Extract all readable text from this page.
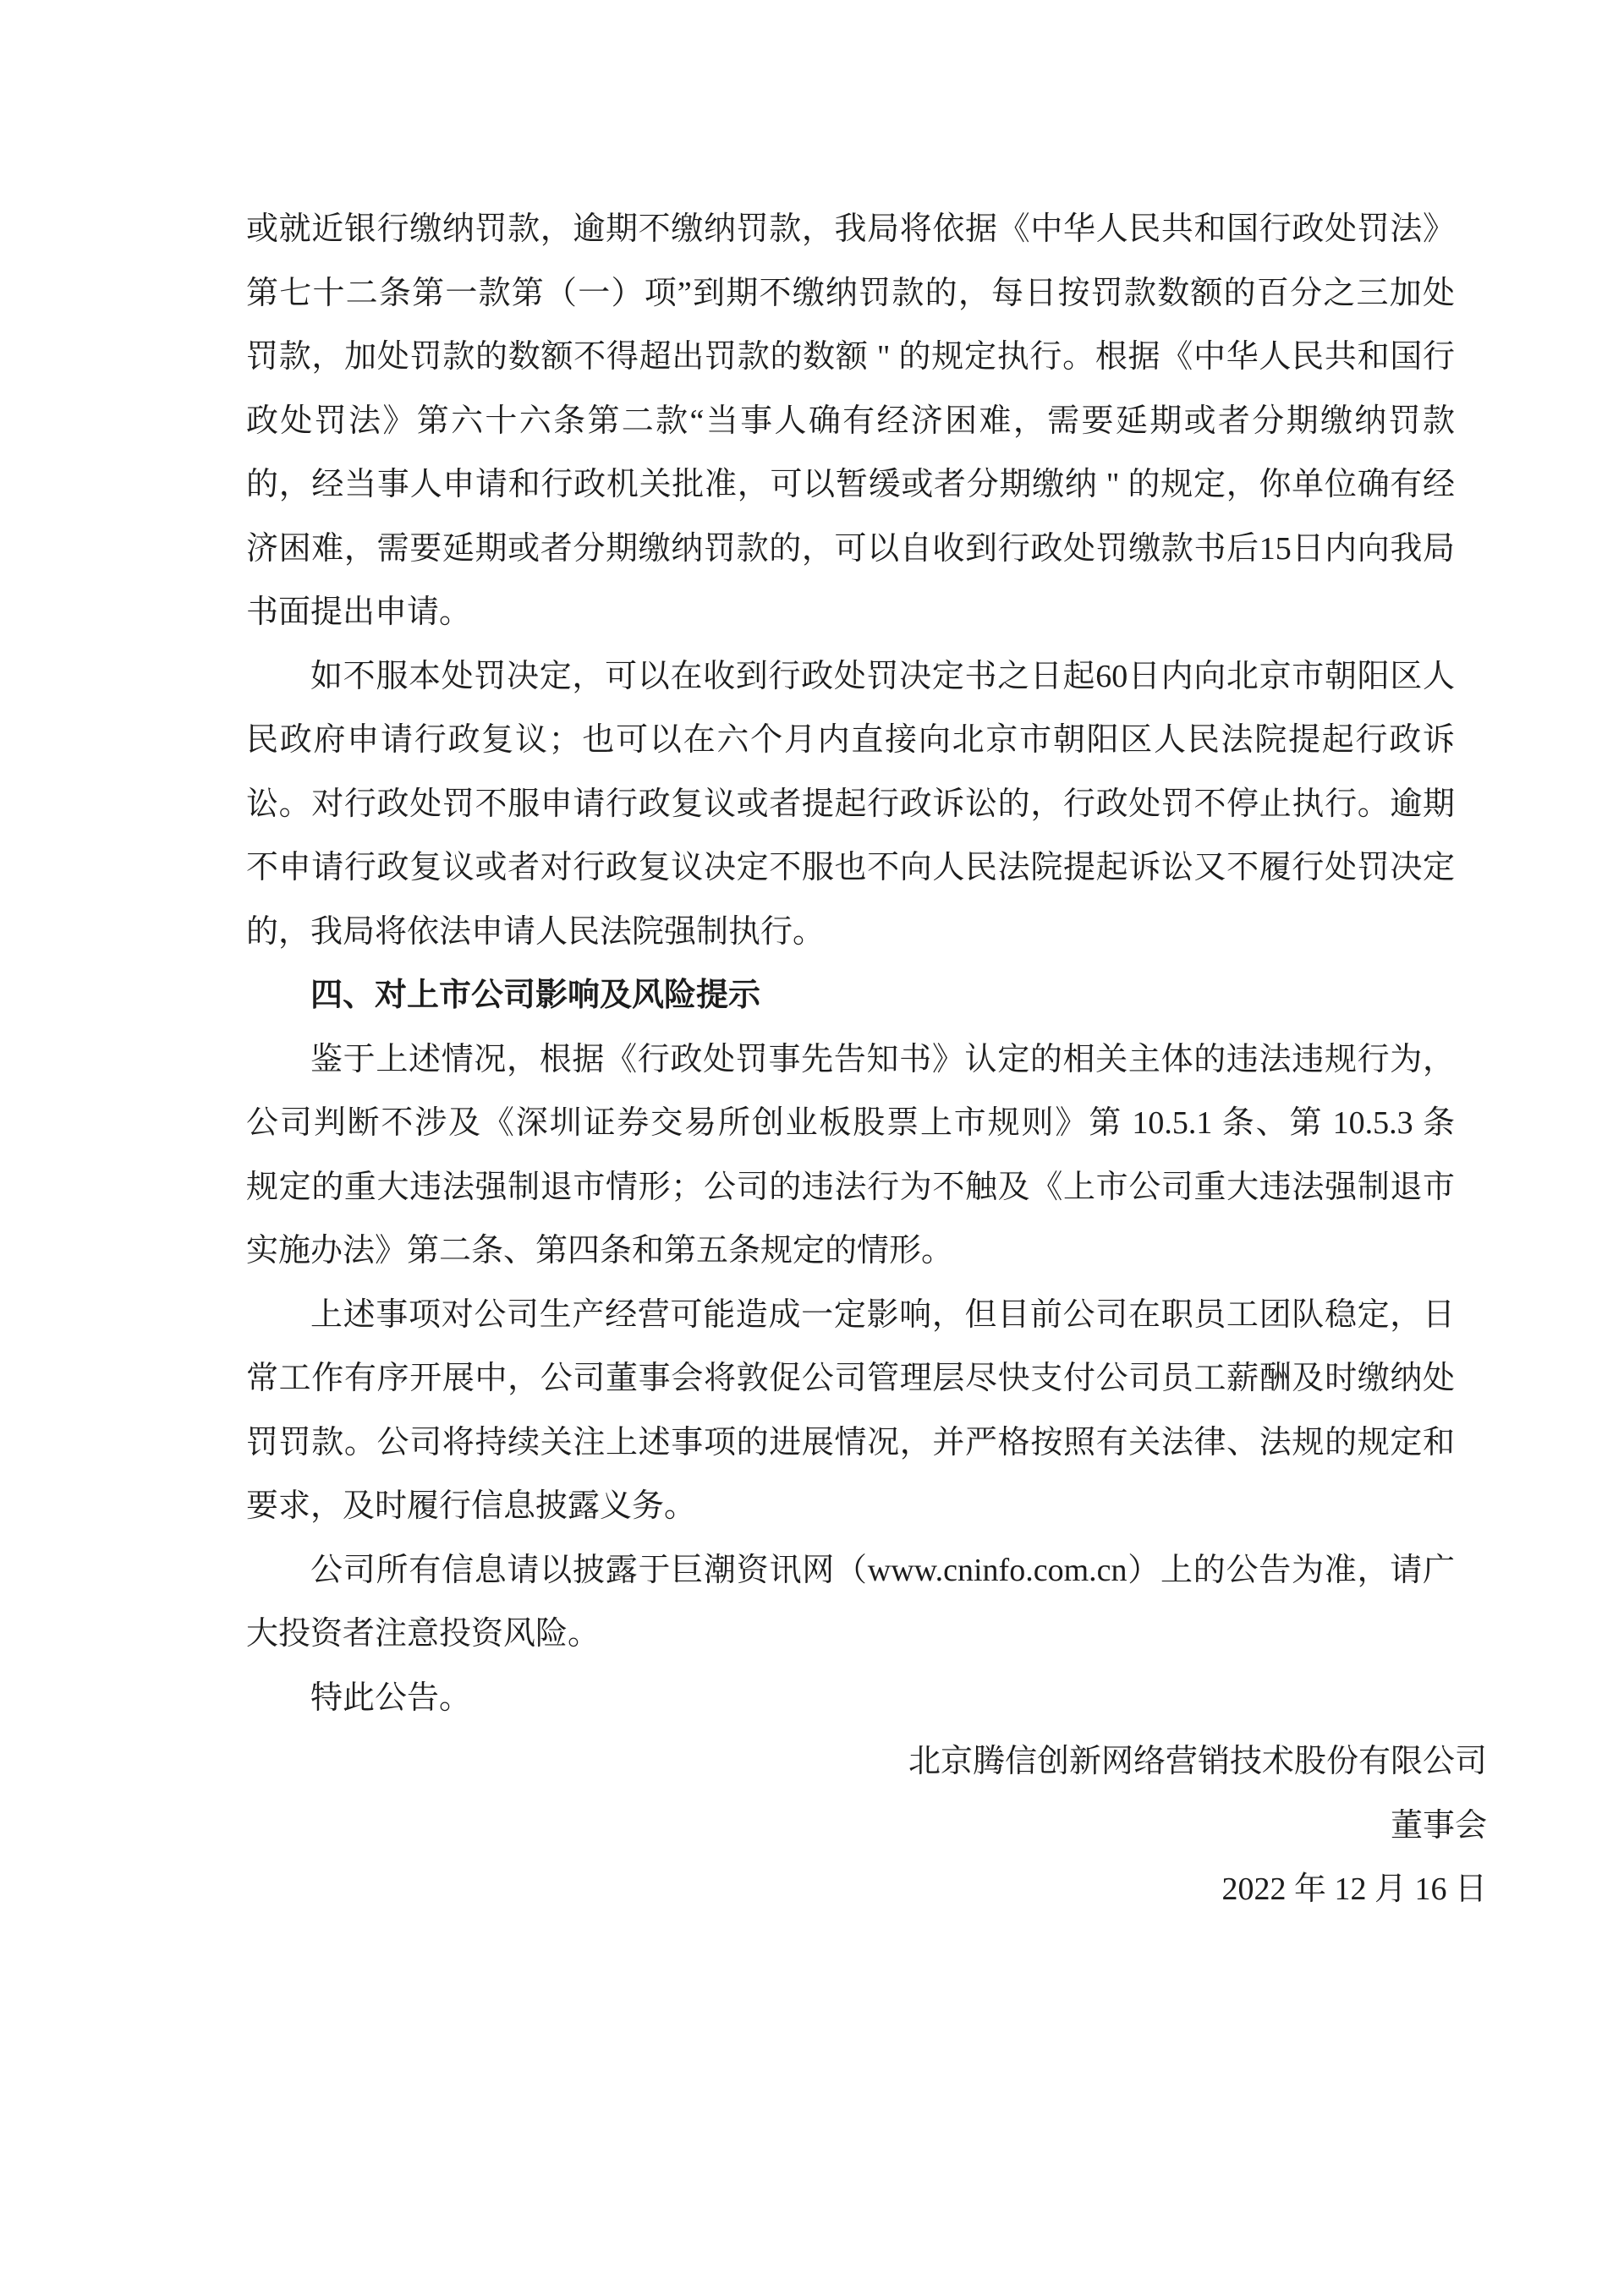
或就近银行缴纳罚款，逾期不缴纳罚款，我局将依据《中华人民共和国行政处罚法》
第七十二条第一款第（一）项”到期不缴纳罚款的，每日按罚款数额的百分之三加处
罚款，加处罚款的数额不得超出罚款的数额 " 的规定执行。根据《中华人民共和国行
政处罚法》第六十六条第二款“当事人确有经济困难，需要延期或者分期缴纳罚款
的，经当事人申请和行政机关批准，可以暂缓或者分期缴纳 " 的规定，你单位确有经
济困难，需要延期或者分期缴纳罚款的，可以自收到行政处罚缴款书后15日内向我局
书面提出申请。
如不服本处罚决定，可以在收到行政处罚决定书之日起60日内向北京市朝阳区人
民政府申请行政复议；也可以在六个月内直接向北京市朝阳区人民法院提起行政诉
讼。对行政处罚不服申请行政复议或者提起行政诉讼的，行政处罚不停止执行。逾期
不申请行政复议或者对行政复议决定不服也不向人民法院提起诉讼又不履行处罚决定
的，我局将依法申请人民法院强制执行。
四、对上市公司影响及风险提示
鉴于上述情况，根据《行政处罚事先告知书》认定的相关主体的违法违规行为，
公司判断不涉及《深圳证券交易所创业板股票上市规则》第 10.5.1 条、第 10.5.3 条
规定的重大违法强制退市情形；公司的违法行为不触及《上市公司重大违法强制退市
实施办法》第二条、第四条和第五条规定的情形。
上述事项对公司生产经营可能造成一定影响，但目前公司在职员工团队稳定，日
常工作有序开展中，公司董事会将敦促公司管理层尽快支付公司员工薪酬及时缴纳处
罚罚款。公司将持续关注上述事项的进展情况，并严格按照有关法律、法规的规定和
要求，及时履行信息披露义务。
公司所有信息请以披露于巨潮资讯网（www.cninfo.com.cn）上的公告为准，请广
大投资者注意投资风险。
特此公告。
北京腾信创新网络营销技术股份有限公司
董事会
2022 年 12 月 16 日
